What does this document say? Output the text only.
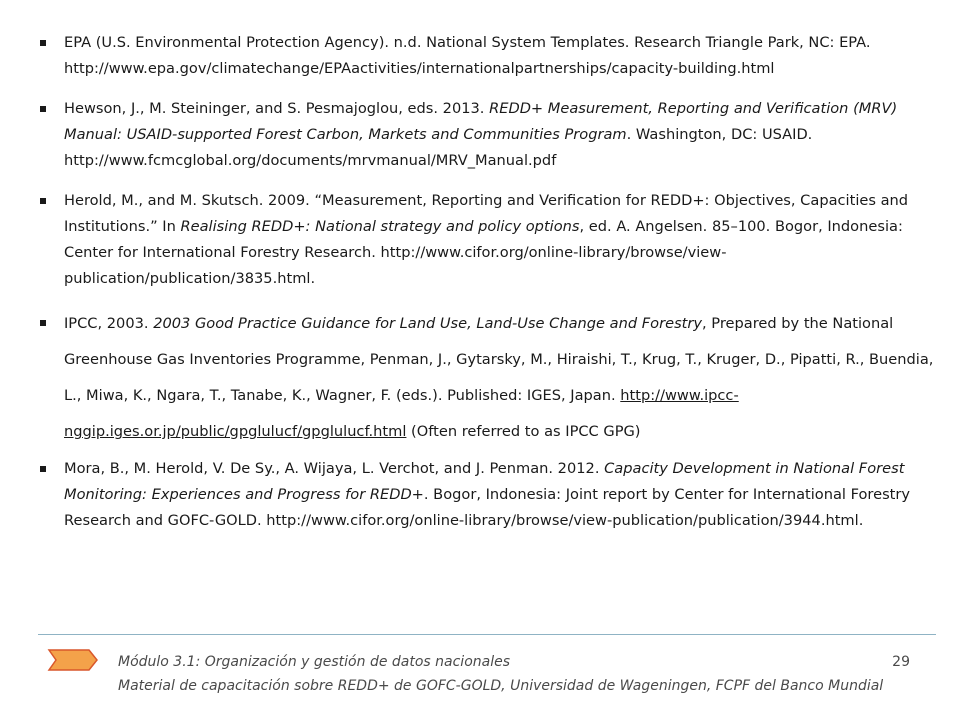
EPA (U.S. Environmental Protection Agency). n.d. National System Templates. Research Triangle Park, NC: EPA. http://www.epa.gov/climatechange/EPAactivities/internationalpartnerships/capacity-building.html
Hewson, J., M. Steininger, and S. Pesmajoglou, eds. 2013. REDD+ Measurement, Reporting and Verification (MRV) Manual: USAID-supported Forest Carbon, Markets and Communities Program. Washington, DC: USAID. http://www.fcmcglobal.org/documents/mrvmanual/MRV_Manual.pdf
Herold, M., and M. Skutsch. 2009. “Measurement, Reporting and Verification for REDD+: Objectives, Capacities and Institutions.” In Realising REDD+: National strategy and policy options, ed. A. Angelsen. 85–100. Bogor, Indonesia: Center for International Forestry Research. http://www.cifor.org/online-library/browse/view-publication/publication/3835.html.
IPCC, 2003. 2003 Good Practice Guidance for Land Use, Land-Use Change and Forestry, Prepared by the National Greenhouse Gas Inventories Programme, Penman, J., Gytarsky, M., Hiraishi, T., Krug, T., Kruger, D., Pipatti, R., Buendia, L., Miwa, K., Ngara, T., Tanabe, K., Wagner, F. (eds.). Published: IGES, Japan. http://www.ipcc-nggip.iges.or.jp/public/gpglulucf/gpglulucf.html (Often referred to as IPCC GPG)
Mora, B., M. Herold, V. De Sy., A. Wijaya, L. Verchot, and J. Penman. 2012. Capacity Development in National Forest Monitoring: Experiences and Progress for REDD+. Bogor, Indonesia: Joint report by Center for International Forestry Research and GOFC-GOLD. http://www.cifor.org/online-library/browse/view-publication/publication/3944.html.
Módulo 3.1: Organización y gestión de datos nacionales
Material de capacitación sobre REDD+ de GOFC-GOLD, Universidad de Wageningen, FCPF del Banco Mundial
29
